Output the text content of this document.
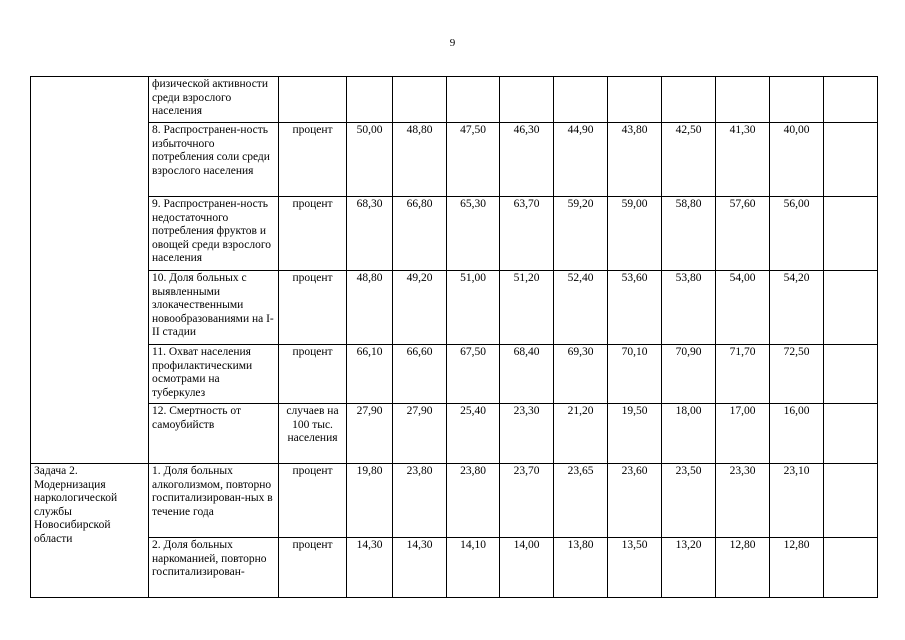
9
	физической активности среди взрослого населения											
	8. Распространен-ность избыточного потребления соли среди взрослого населения	процент	50,00	48,80	47,50	46,30	44,90	43,80	42,50	41,30	40,00	
	9. Распространен-ность недостаточного потребления фруктов и овощей среди взрослого населения	процент	68,30	66,80	65,30	63,70	59,20	59,00	58,80	57,60	56,00	
	10. Доля больных с выявленными злокачественными новообразованиями на I-II стадии	процент	48,80	49,20	51,00	51,20	52,40	53,60	53,80	54,00	54,20	
	11. Охват населения профилактическими осмотрами на туберкулез	процент	66,10	66,60	67,50	68,40	69,30	70,10	70,90	71,70	72,50	
	12. Смертность от самоубийств	случаев на 100 тыс. населения	27,90	27,90	25,40	23,30	21,20	19,50	18,00	17,00	16,00	
Задача 2. Модернизация наркологической службы Новосибирской области	1. Доля больных алкоголизмом, повторно госпитализирован-ных в течение года	процент	19,80	23,80	23,80	23,70	23,65	23,60	23,50	23,30	23,10	
	2. Доля больных наркоманией, повторно госпитализирован-	процент	14,30	14,30	14,10	14,00	13,80	13,50	13,20	12,80	12,80	
